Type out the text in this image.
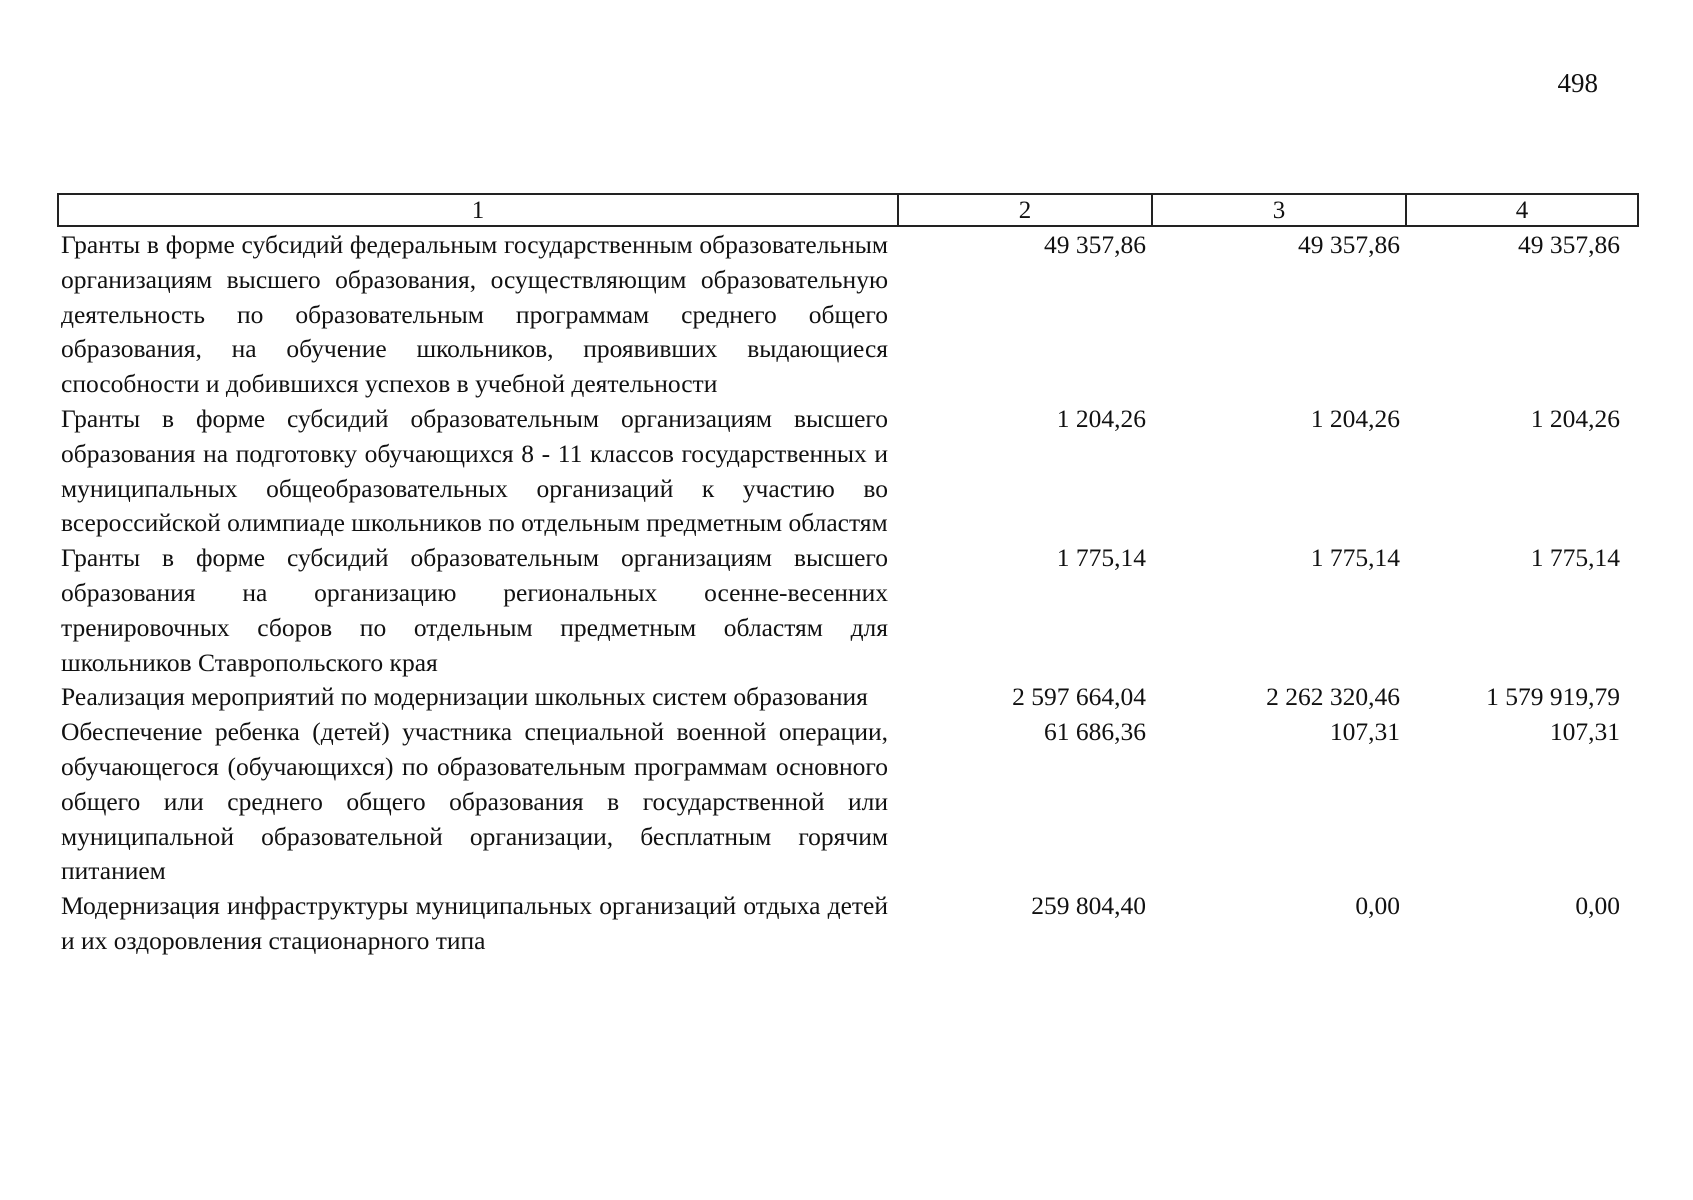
498
1	2	3	4
Гранты в форме субсидий федеральным государственным образовательным организациям высшего образования, осуществляющим образовательную деятельность по образовательным программам среднего общего образования, на обучение школьников, проявивших выдающиеся способности и добившихся успехов в учебной деятельности	49 357,86	49 357,86	49 357,86
Гранты в форме субсидий образовательным организациям высшего образования на подготовку обучающихся 8 - 11 классов государственных и муниципальных общеобразовательных организаций к участию во всероссийской олимпиаде школьников по отдельным предметным областям	1 204,26	1 204,26	1 204,26
Гранты в форме субсидий образовательным организациям высшего образования на организацию региональных осенне-весенних тренировочных сборов по отдельным предметным областям для школьников Ставропольского края	1 775,14	1 775,14	1 775,14
Реализация мероприятий по модернизации школьных систем образования	2 597 664,04	2 262 320,46	1 579 919,79
Обеспечение ребенка (детей) участника специальной военной операции, обучающегося (обучающихся) по образовательным программам основного общего или среднего общего образования в государственной или муниципальной образовательной организации, бесплатным горячим питанием	61 686,36	107,31	107,31
Модернизация инфраструктуры муниципальных организаций отдыха детей и их оздоровления стационарного типа	259 804,40	0,00	0,00
